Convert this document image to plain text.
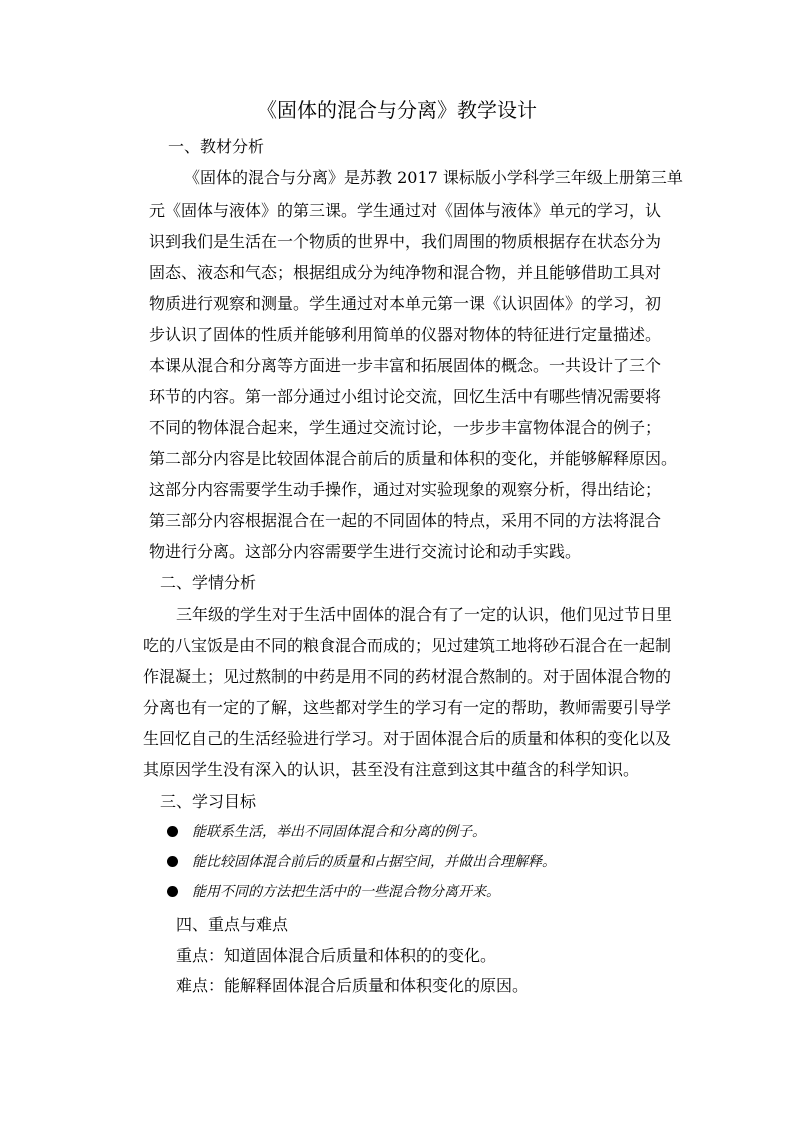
《固体的混合与分离》教学设计
一、教材分析
《固体的混合与分离》是苏教 2017 课标版小学科学三年级上册第三单
元《固体与液体》的第三课。学生通过对《固体与液体》单元的学习，认
识到我们是生活在一个物质的世界中，我们周围的物质根据存在状态分为
固态、液态和气态；根据组成分为纯净物和混合物，并且能够借助工具对
物质进行观察和测量。学生通过对本单元第一课《认识固体》的学习，初
步认识了固体的性质并能够利用简单的仪器对物体的特征进行定量描述。
本课从混合和分离等方面进一步丰富和拓展固体的概念。一共设计了三个
环节的内容。第一部分通过小组讨论交流，回忆生活中有哪些情况需要将
不同的物体混合起来，学生通过交流讨论，一步步丰富物体混合的例子；
第二部分内容是比较固体混合前后的质量和体积的变化，并能够解释原因。
这部分内容需要学生动手操作，通过对实验现象的观察分析，得出结论；
第三部分内容根据混合在一起的不同固体的特点，采用不同的方法将混合
物进行分离。这部分内容需要学生进行交流讨论和动手实践。
二、学情分析
三年级的学生对于生活中固体的混合有了一定的认识，他们见过节日里
吃的八宝饭是由不同的粮食混合而成的；见过建筑工地将砂石混合在一起制
作混凝土；见过熬制的中药是用不同的药材混合熬制的。对于固体混合物的
分离也有一定的了解，这些都对学生的学习有一定的帮助，教师需要引导学
生回忆自己的生活经验进行学习。对于固体混合后的质量和体积的变化以及
其原因学生没有深入的认识，甚至没有注意到这其中蕴含的科学知识。
三、学习目标
能联系生活，举出不同固体混合和分离的例子。
能比较固体混合前后的质量和占据空间，并做出合理解释。
能用不同的方法把生活中的一些混合物分离开来。
四、重点与难点
重点：知道固体混合后质量和体积的的变化。
难点：能解释固体混合后质量和体积变化的原因。
